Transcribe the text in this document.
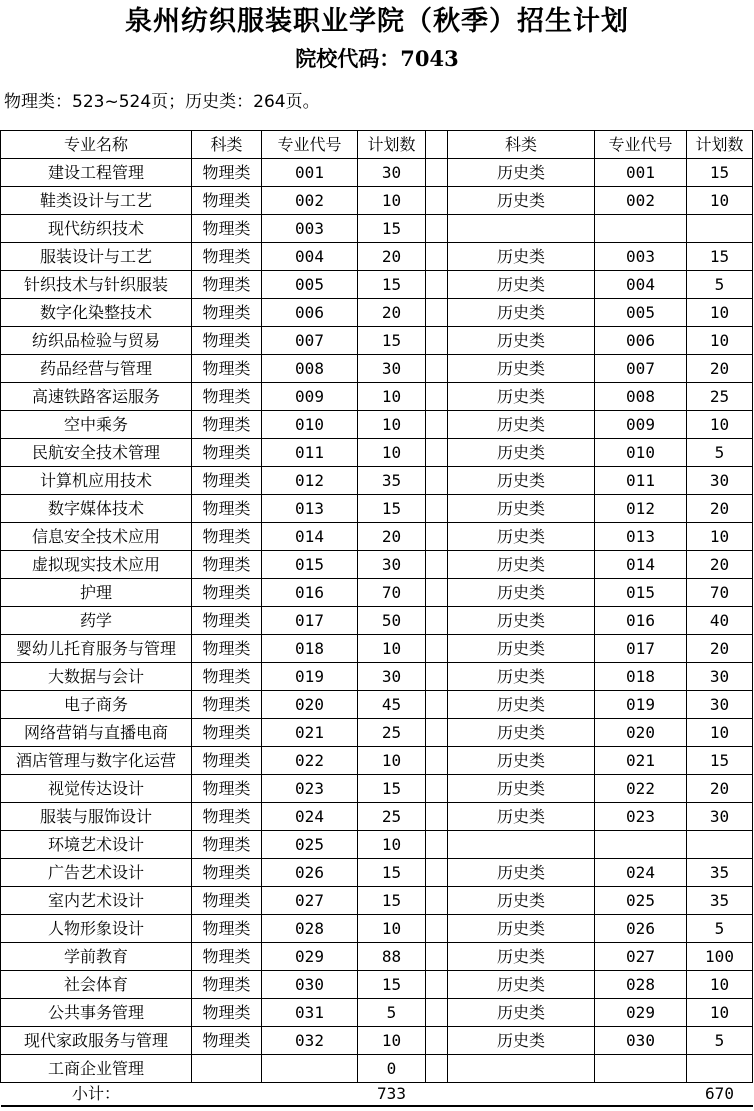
泉州纺织服装职业学院（秋季）招生计划
院校代码：7043
物理类：523~524页；历史类：264页。
专业名称	科类	专业代号	计划数		科类	专业代号	计划数
建设工程管理	物理类	001	30		历史类	001	15
鞋类设计与工艺	物理类	002	10		历史类	002	10
现代纺织技术	物理类	003	15				
服装设计与工艺	物理类	004	20		历史类	003	15
针织技术与针织服装	物理类	005	15		历史类	004	5
数字化染整技术	物理类	006	20		历史类	005	10
纺织品检验与贸易	物理类	007	15		历史类	006	10
药品经营与管理	物理类	008	30		历史类	007	20
高速铁路客运服务	物理类	009	10		历史类	008	25
空中乘务	物理类	010	10		历史类	009	10
民航安全技术管理	物理类	011	10		历史类	010	5
计算机应用技术	物理类	012	35		历史类	011	30
数字媒体技术	物理类	013	15		历史类	012	20
信息安全技术应用	物理类	014	20		历史类	013	10
虚拟现实技术应用	物理类	015	30		历史类	014	20
护理	物理类	016	70		历史类	015	70
药学	物理类	017	50		历史类	016	40
婴幼儿托育服务与管理	物理类	018	10		历史类	017	20
大数据与会计	物理类	019	30		历史类	018	30
电子商务	物理类	020	45		历史类	019	30
网络营销与直播电商	物理类	021	25		历史类	020	10
酒店管理与数字化运营	物理类	022	10		历史类	021	15
视觉传达设计	物理类	023	15		历史类	022	20
服装与服饰设计	物理类	024	25		历史类	023	30
环境艺术设计	物理类	025	10				
广告艺术设计	物理类	026	15		历史类	024	35
室内艺术设计	物理类	027	15		历史类	025	35
人物形象设计	物理类	028	10		历史类	026	5
学前教育	物理类	029	88		历史类	027	100
社会体育	物理类	030	15		历史类	028	10
公共事务管理	物理类	031	5		历史类	029	10
现代家政服务与管理	物理类	032	10		历史类	030	5
工商企业管理			0				
小计：			733				670
